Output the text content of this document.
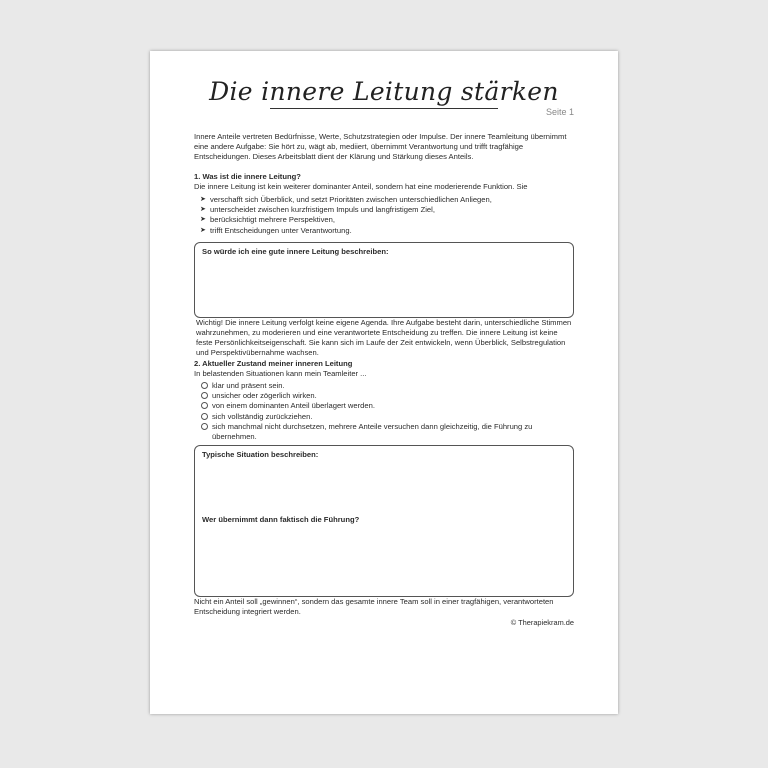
Die innere Leitung stärken
Seite 1

Innere Anteile vertreten Bedürfnisse, Werte, Schutzstrategien oder Impulse. Der innere Teamleitung übernimmt eine andere Aufgabe: Sie hört zu, wägt ab, mediiert, übernimmt Verantwortung und trifft tragfähige Entscheidungen. Dieses Arbeitsblatt dient der Klärung und Stärkung dieses Anteils.

1. Was ist die innere Leitung?

Die innere Leitung ist kein weiterer dominanter Anteil, sondern hat eine moderierende Funktion. Sie

➤ verschafft sich Überblick, und setzt Prioritäten zwischen unterschiedlichen Anliegen,
➤ unterscheidet zwischen kurzfristigem Impuls und langfristigem Ziel,
➤ berücksichtigt mehrere Perspektiven,
➤ trifft Entscheidungen unter Verantwortung.
So würde ich eine gute innere Leitung beschreiben:

Wichtig! Die innere Leitung verfolgt keine eigene Agenda. Ihre Aufgabe besteht darin, unterschiedliche Stimmen wahrzunehmen, zu moderieren und eine verantwortete Entscheidung zu treffen. Die innere Leitung ist keine feste Persönlichkeitseigenschaft. Sie kann sich im Laufe der Zeit entwickeln, wenn Überblick, Selbstregulation und Perspektivübernahme wachsen.

2. Aktueller Zustand meiner inneren Leitung

In belastenden Situationen kann mein Teamleiter ...

klar und präsent sein.
unsicher oder zögerlich wirken.
von einem dominanten Anteil überlagert werden.
sich vollständig zurückziehen.
sich manchmal nicht durchsetzen, mehrere Anteile versuchen dann gleichzeitig, die Führung zu übernehmen.
Typische Situation beschreiben:
Wer übernimmt dann faktisch die Führung?

Nicht ein Anteil soll „gewinnen“, sondern das gesamte innere Team soll in einer tragfähigen, verantworteten Entscheidung integriert werden.

© Therapiekram.de
